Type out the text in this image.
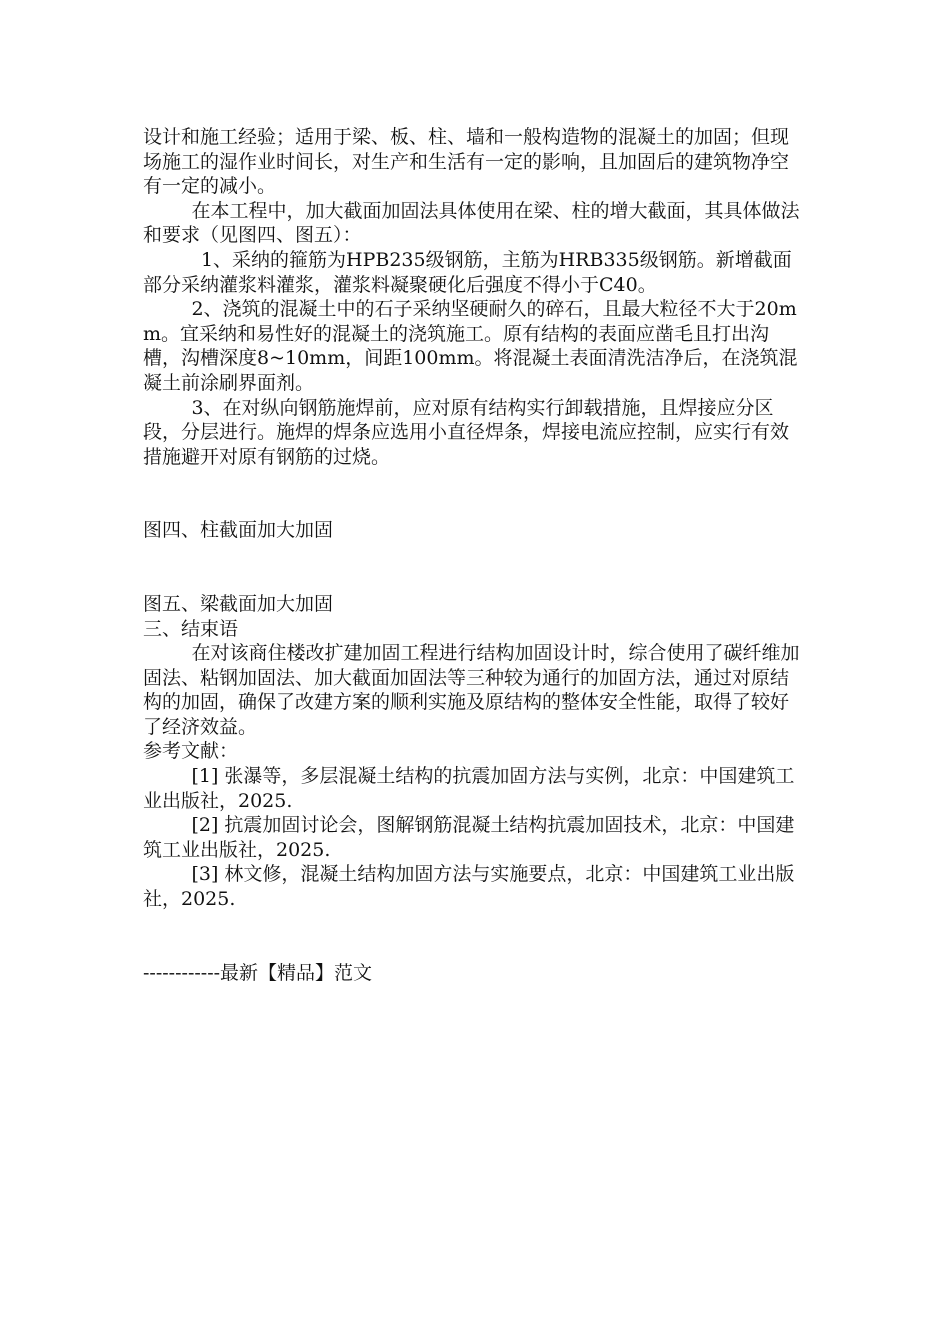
设计和施工经验；适用于梁、板、柱、墙和一般构造物的混凝土的加固；但现场施工的湿作业时间长，对生产和生活有一定的影响，且加固后的建筑物净空有一定的减小。

在本工程中，加大截面加固法具体使用在梁、柱的增大截面，其具体做法和要求（见图四、图五）：

1、采纳的箍筋为HPB235级钢筋，主筋为HRB335级钢筋。新增截面部分采纳灌浆料灌浆，灌浆料凝聚硬化后强度不得小于C40。

2、浇筑的混凝土中的石子采纳坚硬耐久的碎石，且最大粒径不大于20mm。宜采纳和易性好的混凝土的浇筑施工。原有结构的表面应凿毛且打出沟槽，沟槽深度8~10mm，间距100mm。将混凝土表面清洗洁净后，在浇筑混凝土前涂刷界面剂。

3、在对纵向钢筋施焊前，应对原有结构实行卸载措施，且焊接应分区段，分层进行。施焊的焊条应选用小直径焊条，焊接电流应控制，应实行有效措施避开对原有钢筋的过烧。

图四、柱截面加大加固

图五、梁截面加大加固

三、结束语

在对该商住楼改扩建加固工程进行结构加固设计时，综合使用了碳纤维加固法、粘钢加固法、加大截面加固法等三种较为通行的加固方法，通过对原结构的加固，确保了改建方案的顺利实施及原结构的整体安全性能，取得了较好了经济效益。

参考文献：

[1] 张瀑等，多层混凝土结构的抗震加固方法与实例，北京：中国建筑工业出版社，2025.

[2] 抗震加固讨论会，图解钢筋混凝土结构抗震加固技术，北京：中国建筑工业出版社，2025.

[3] 林文修，混凝土结构加固方法与实施要点，北京：中国建筑工业出版社，2025.

------------最新【精品】范文
